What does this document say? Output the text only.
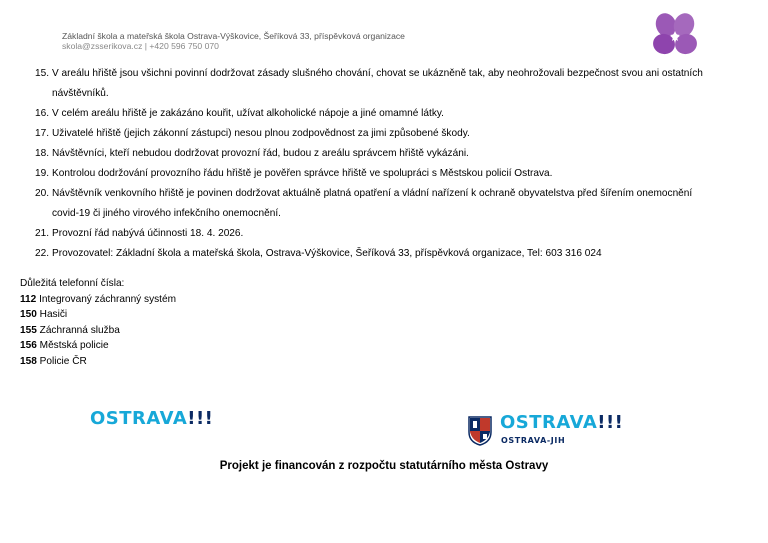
Základní škola a mateřská škola Ostrava-Výškovice, Šeříková 33, příspěvková organizace
skola@zsserikova.cz | +420 596 750 070
15. V areálu hřiště jsou všichni povinní dodržovat zásady slušného chování, chovat se ukázněně tak, aby neohrožovali bezpečnost svou ani ostatních
návštěvníků.
16. V celém areálu hřiště je zakázáno kouřit, užívat alkoholické nápoje a jiné omamné látky.
17. Uživatelé hřiště (jejich zákonní zástupci) nesou plnou zodpovědnost za jimi způsobené škody.
18. Návštěvníci, kteří nebudou dodržovat provozní řád, budou z areálu správcem hřiště vykázáni.
19. Kontrolou dodržování provozního řádu hřiště je pověřen správce hřiště ve spolupráci s Městskou policií Ostrava.
20. Návštěvník venkovního hřiště je povinen dodržovat aktuálně platná opatření a vládní nařízení k ochraně obyvatelstva před šířením onemocnění
covid-19 či jiného virového infekčního onemocnění.
21. Provozní řád nabývá účinnosti 18. 4. 2026.
22. Provozovatel: Základní škola a mateřská škola, Ostrava-Výškovice, Šeříková 33, příspěvková organizace, Tel: 603 316 024
Důležitá telefonní čísla:
112 Integrovaný záchranný systém
150 Hasiči
155 Záchranná služba
156 Městská policie
158 Policie ČR
OSTRAVA!!!	OSTRAVA!!!
OSTRAVA-JIH
Projekt je financován z rozpočtu statutárního města Ostravy
